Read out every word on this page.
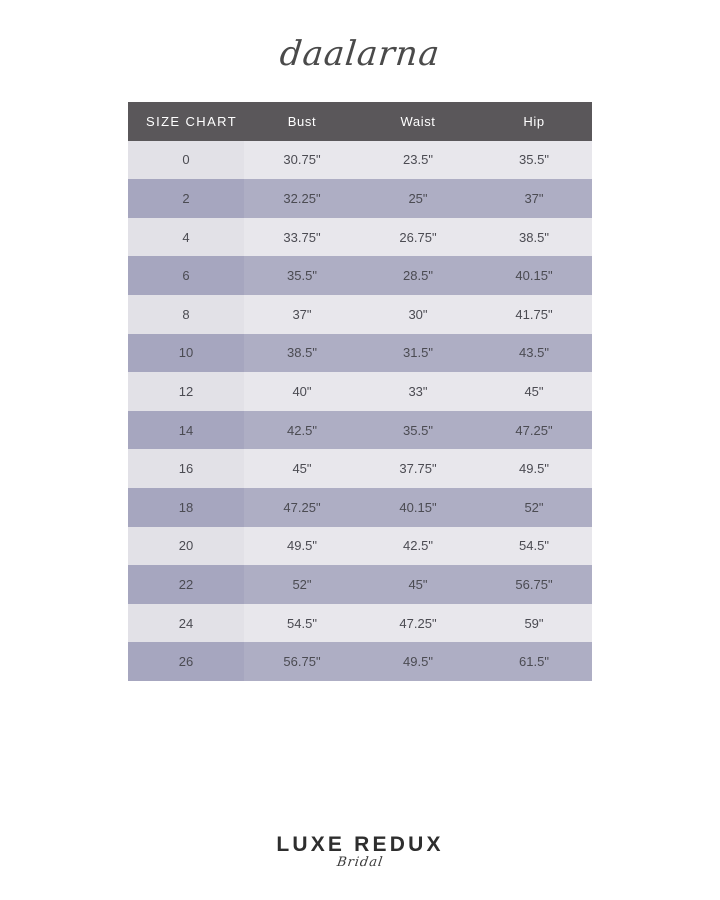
daalarna
SIZE CHART	Bust	Waist	Hip
0	30.75"	23.5"	35.5"
2	32.25"	25"	37"
4	33.75"	26.75"	38.5"
6	35.5"	28.5"	40.15"
8	37"	30"	41.75"
10	38.5"	31.5"	43.5"
12	40"	33"	45"
14	42.5"	35.5"	47.25"
16	45"	37.75"	49.5"
18	47.25"	40.15"	52"
20	49.5"	42.5"	54.5"
22	52"	45"	56.75"
24	54.5"	47.25"	59"
26	56.75"	49.5"	61.5"
LUXE REDUX
Bridal
